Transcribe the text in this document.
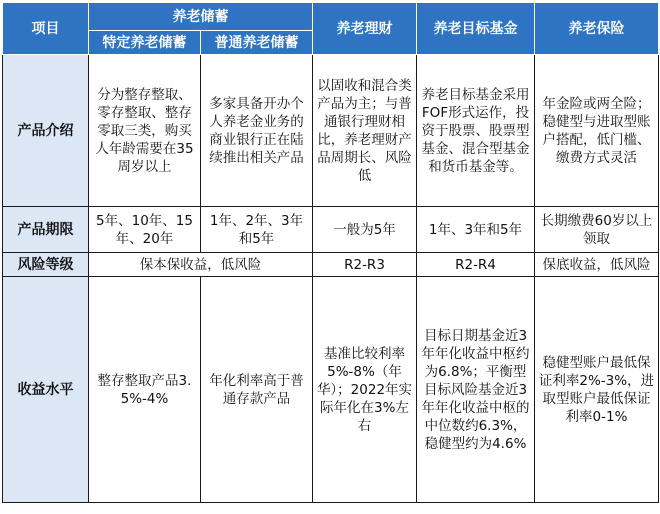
项目	养老储蓄		养老理财	养老目标基金	养老保险
	特定养老储蓄	普通养老储蓄			
产品介绍	分为整存整取、零存整取、整存零取三类，购买人年龄需要在35周岁以上	多家具备开办个人养老金业务的商业银行正在陆续推出相关产品	以固收和混合类产品为主；与普通银行理财相比，养老理财产品周期长、风险低	养老目标基金采用FOF形式运作，投资于股票、股票型基金、混合型基金和货币基金等。	年金险或两全险；稳健型与进取型账户搭配，低门槛、缴费方式灵活
产品期限	5年、10年、15年、20年	1年、2年、3年和5年	一般为5年	1年、3年和5年	长期缴费60岁以上领取
风险等级	保本保收益，低风险		R2-R3	R2-R4	保底收益，低风险
收益水平	整存整取产品3.5%-4%	年化利率高于普通存款产品	基准比较利率5%-8%（年华）；2022年实际年化在3%左右	目标日期基金近3年年化收益中枢约为6.8%；平衡型目标风险基金近3年年化收益中枢的中位数约6.3%，稳健型约为4.6%	稳健型账户最低保证利率2%-3%，进取型账户最低保证利率0-1%
